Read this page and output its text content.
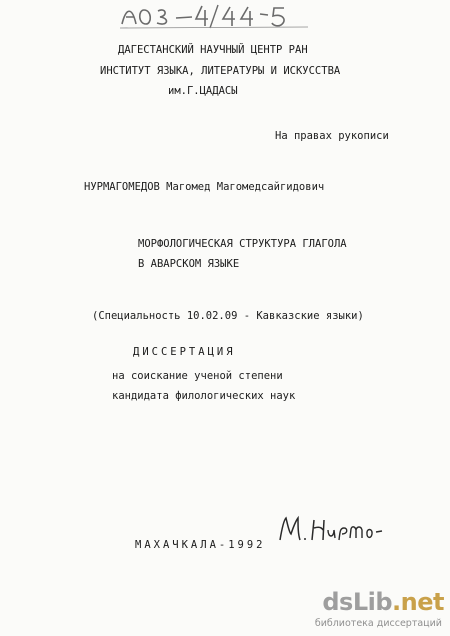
ДАГЕСТАНСКИЙ НАУЧНЫЙ ЦЕНТР РАН
ИНСТИТУТ ЯЗЫКА, ЛИТЕРАТУРЫ И ИСКУССТВА
им.Г.ЦАДАСЫ
На правах рукописи
НУРМАГОМЕДОВ Магомед Магомедсайгидович
МОРФОЛОГИЧЕСКАЯ СТРУКТУРА ГЛАГОЛА
В АВАРСКОМ ЯЗЫКЕ
(Специальность 10.02.09 - Кавказские языки)
ДИССЕРТАЦИЯ
на соискание ученой степени
кандидата филологических наук
МАХАЧКАЛА-1992
dsLib.net
библиотека диссертаций
